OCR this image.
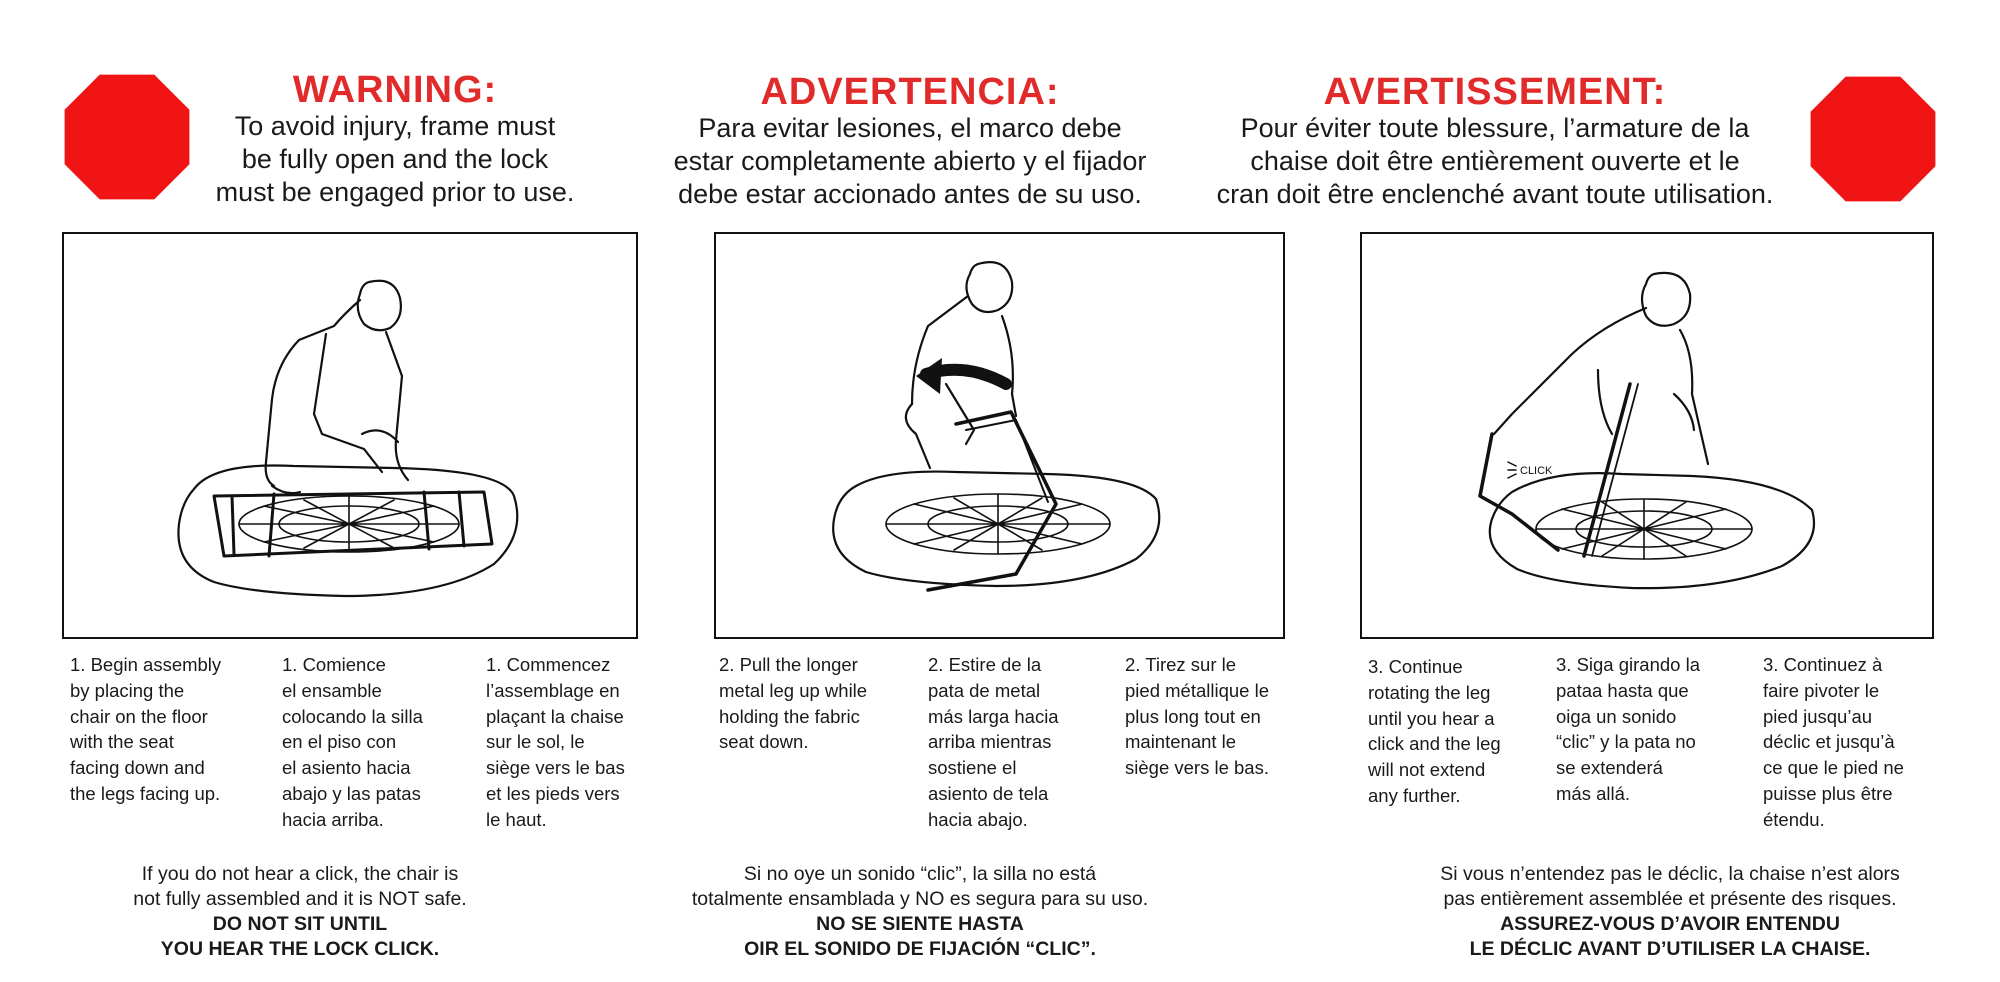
WARNING:
To avoid injury, frame must
be fully open and the lock
must be engaged prior to use.
ADVERTENCIA:
Para evitar lesiones, el marco debe
estar completamente abierto y el fijador
debe estar accionado antes de su uso.
AVERTISSEMENT:
Pour éviter toute blessure, l’armature de la
chaise doit être entièrement ouverte et le
cran doit être enclenché avant toute utilisation.
CLICK
1. Begin assembly
by placing the
chair on the floor
with the seat
facing down and
the legs facing up.
1. Comience
el ensamble
colocando la silla
en el piso con
el asiento hacia
abajo y las patas
hacia arriba.
1. Commencez
l’assemblage en
plaçant la chaise
sur le sol, le
siège vers le bas
et les pieds vers
le haut.
2. Pull the longer
metal leg up while
holding the fabric
seat down.
2. Estire de la
pata de metal
más larga hacia
arriba mientras
sostiene el
asiento de tela
hacia abajo.
2. Tirez sur le
pied métallique le
plus long tout en
maintenant le
siège vers le bas.
3. Continue
rotating the leg
until you hear a
click and the leg
will not extend
any further.
3. Siga girando la
pataa hasta que
oiga un sonido
“clic” y la pata no
se extenderá
más allá.
3. Continuez à
faire pivoter le
pied jusqu’au
déclic et jusqu’à
ce que le pied ne
puisse plus être
étendu.
If you do not hear a click, the chair is
not fully assembled and it is NOT safe.
DO NOT SIT UNTIL
YOU HEAR THE LOCK CLICK.
Si no oye un sonido “clic”, la silla no está
totalmente ensamblada y NO es segura para su uso.
NO SE SIENTE HASTA
OIR EL SONIDO DE FIJACIÓN “CLIC”.
Si vous n’entendez pas le déclic, la chaise n’est alors
pas entièrement assemblée et présente des risques.
ASSUREZ-VOUS D’AVOIR ENTENDU
LE DÉCLIC AVANT D’UTILISER LA CHAISE.
